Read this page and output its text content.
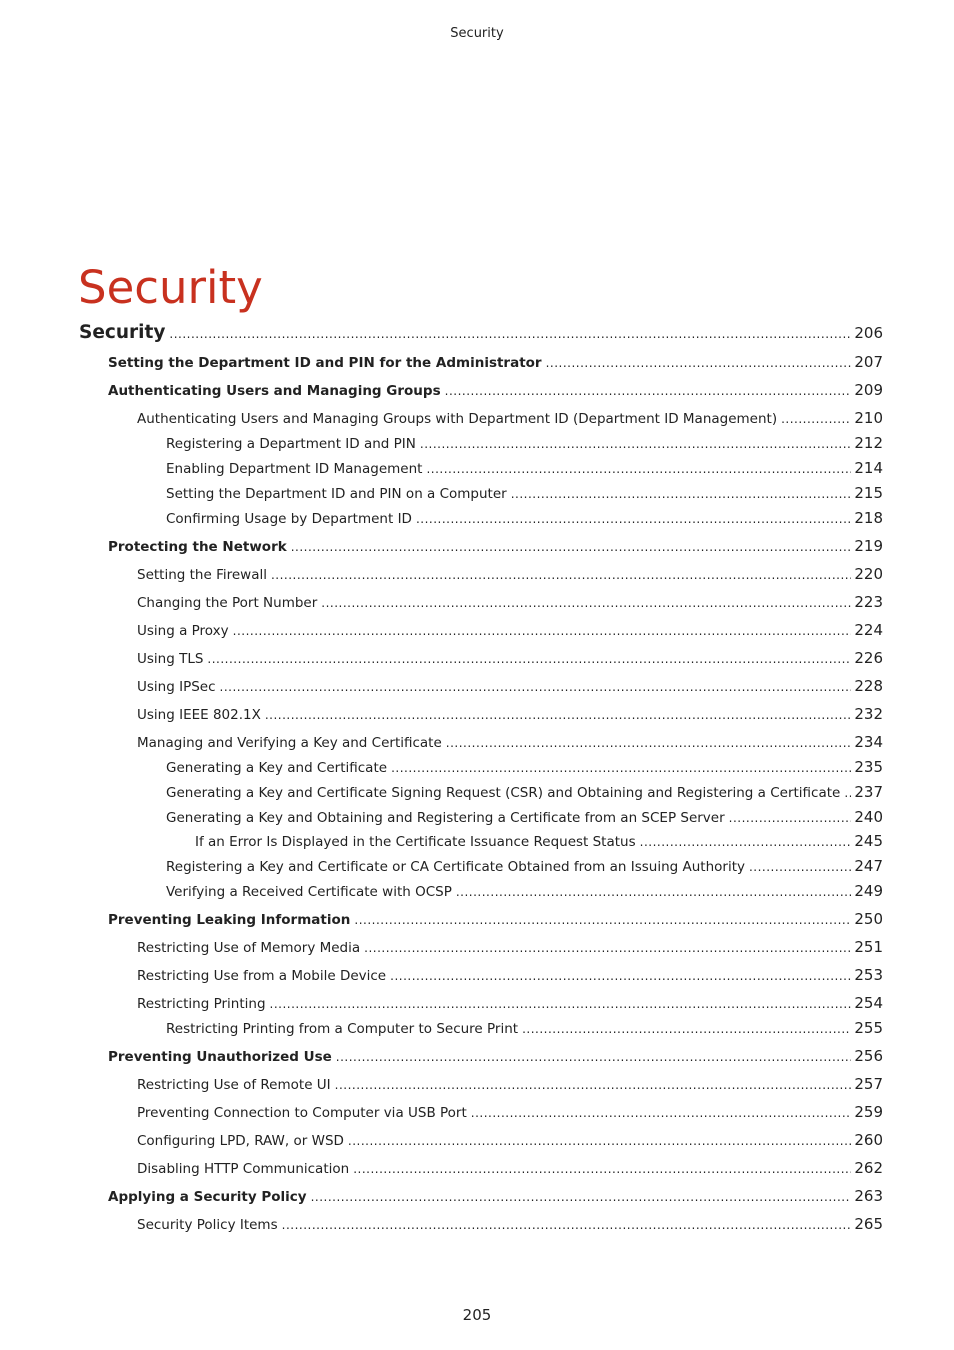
Security
Security
Security .....	206
Setting the Department ID and PIN for the Administrator .....	207
Authenticating Users and Managing Groups .....	209
Authenticating Users and Managing Groups with Department ID (Department ID Management) .....	210
Registering a Department ID and PIN .....	212
Enabling Department ID Management .....	214
Setting the Department ID and PIN on a Computer .....	215
Confirming Usage by Department ID .....	218
Protecting the Network .....	219
Setting the Firewall .....	220
Changing the Port Number .....	223
Using a Proxy .....	224
Using TLS .....	226
Using IPSec .....	228
Using IEEE 802.1X .....	232
Managing and Verifying a Key and Certificate .....	234
Generating a Key and Certificate .....	235
Generating a Key and Certificate Signing Request (CSR) and Obtaining and Registering a Certificate ..... 237
Generating a Key and Obtaining and Registering a Certificate from an SCEP Server .....	240
If an Error Is Displayed in the Certificate Issuance Request Status .....	245
Registering a Key and Certificate or CA Certificate Obtained from an Issuing Authority .....	247
Verifying a Received Certificate with OCSP .....	249
Preventing Leaking Information .....	250
Restricting Use of Memory Media .....	251
Restricting Use from a Mobile Device .....	253
Restricting Printing .....	254
Restricting Printing from a Computer to Secure Print .....	255
Preventing Unauthorized Use .....	256
Restricting Use of Remote UI .....	257
Preventing Connection to Computer via USB Port .....	259
Configuring LPD, RAW, or WSD .....	260
Disabling HTTP Communication .....	262
Applying a Security Policy .....	263
Security Policy Items .....	265
205
